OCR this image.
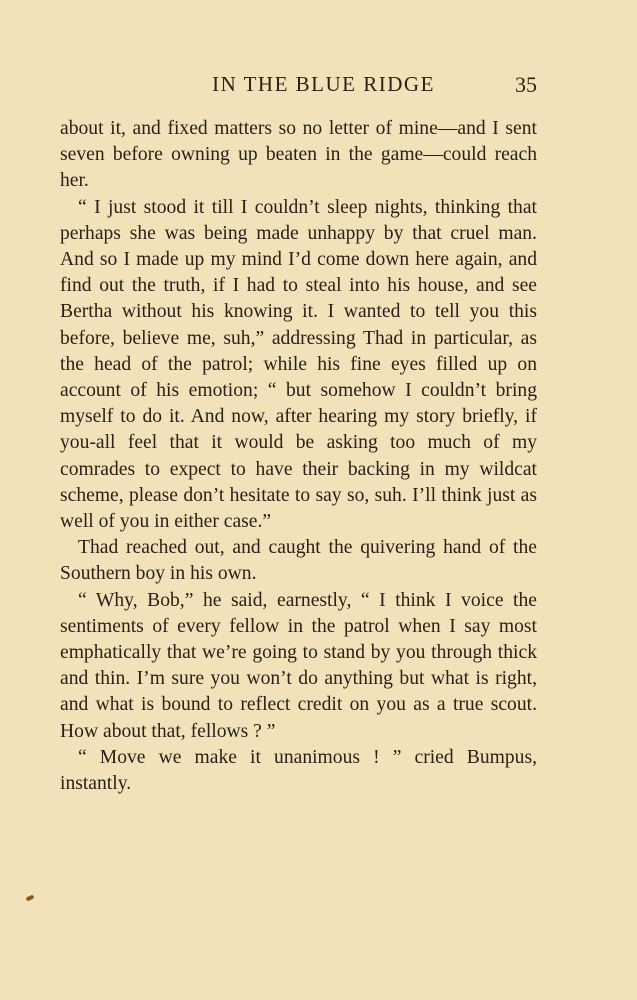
IN THE BLUE RIDGE	35

about it, and fixed matters so no letter of mine—and I sent seven before owning up beaten in the game—could reach her.

“ I just stood it till I couldn’t sleep nights, thinking that perhaps she was being made unhappy by that cruel man. And so I made up my mind I’d come down here again, and find out the truth, if I had to steal into his house, and see Bertha without his knowing it. I wanted to tell you this before, believe me, suh,” addressing Thad in particular, as the head of the patrol; while his fine eyes filled up on account of his emotion; “ but somehow I couldn’t bring myself to do it. And now, after hearing my story briefly, if you-all feel that it would be asking too much of my comrades to expect to have their backing in my wildcat scheme, please don’t hesitate to say so, suh. I’ll think just as well of you in either case.”

Thad reached out, and caught the quivering hand of the Southern boy in his own.

“ Why, Bob,” he said, earnestly, “ I think I voice the sentiments of every fellow in the patrol when I say most emphatically that we’re going to stand by you through thick and thin. I’m sure you won’t do anything but what is right, and what is bound to reflect credit on you as a true scout. How about that, fellows ? ”

“ Move we make it unanimous ! ” cried Bumpus, instantly.
